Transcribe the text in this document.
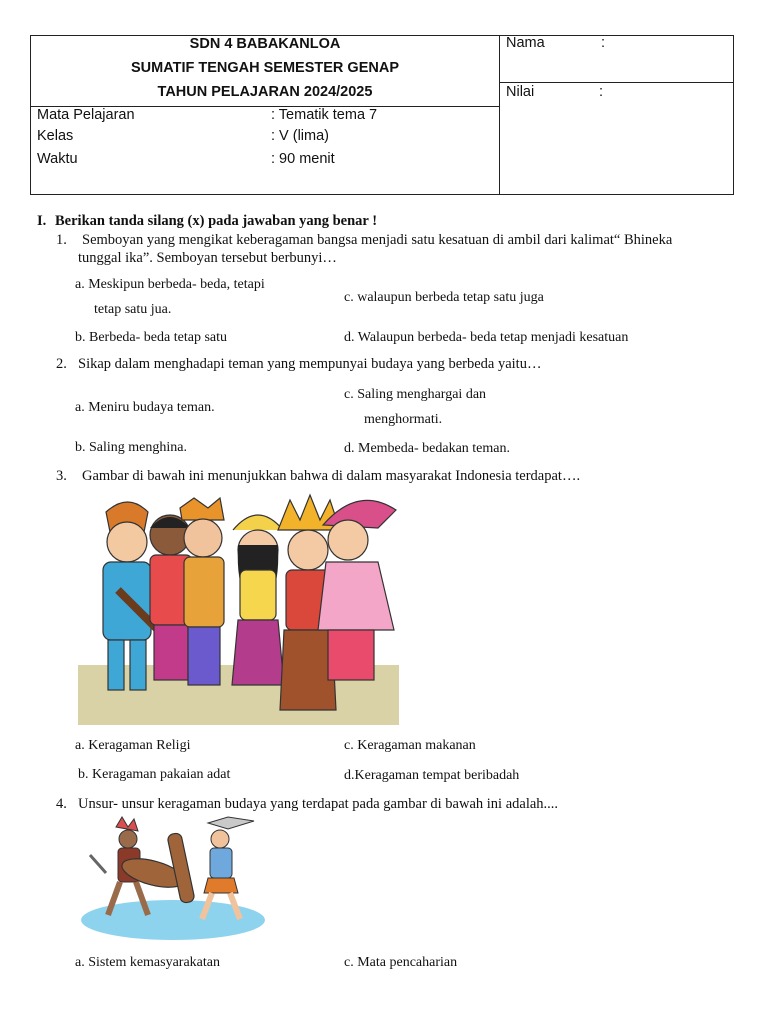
SDN 4 BABAKANLOA
SUMATIF TENGAH SEMESTER GENAP
TAHUN PELAJARAN 2024/2025
Nama	:
Nilai	:
Mata Pelajaran	: Tematik tema 7
Kelas	: V (lima)
Waktu	: 90 menit
I. Berikan tanda silang (x) pada jawaban yang benar !
1. Semboyan yang mengikat keberagaman bangsa menjadi satu kesatuan di ambil dari kalimat“ Bhineka
tunggal ika”. Semboyan tersebut berbunyi…
a. Meskipun berbeda- beda, tetapi
tetap satu jua.
c. walaupun berbeda tetap satu juga
b. Berbeda- beda tetap satu	d. Walaupun berbeda- beda tetap menjadi kesatuan
2. Sikap dalam menghadapi teman yang mempunyai budaya yang berbeda yaitu…
c. Saling menghargai dan
menghormati.
a. Meniru budaya teman.
b. Saling menghina.	d. Membeda- bedakan teman.
3. Gambar di bawah ini menunjukkan bahwa di dalam masyarakat Indonesia terdapat….
a. Keragaman Religi	c. Keragaman makanan
b. Keragaman pakaian adat	d.Keragaman tempat beribadah
4. Unsur- unsur keragaman budaya yang terdapat pada gambar di bawah ini adalah....
a. Sistem kemasyarakatan	c. Mata pencaharian
